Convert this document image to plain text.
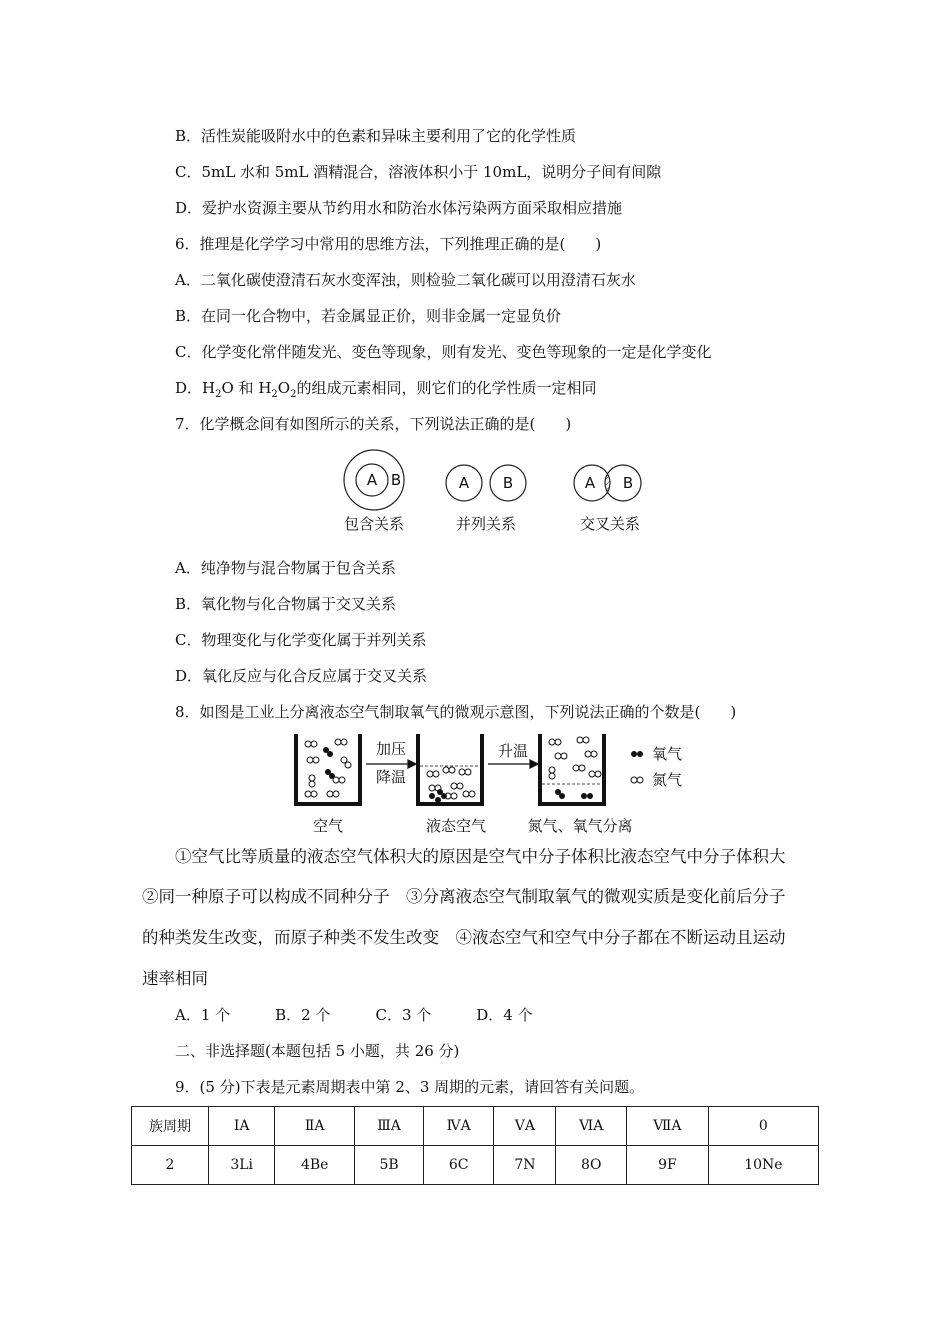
B．活性炭能吸附水中的色素和异味主要利用了它的化学性质
C．5mL 水和 5mL 酒精混合，溶液体积小于 10mL，说明分子间有间隙
D．爱护水资源主要从节约用水和防治水体污染两方面采取相应措施
6．推理是化学学习中常用的思维方法，下列推理正确的是(　　)
A．二氧化碳使澄清石灰水变浑浊，则检验二氧化碳可以用澄清石灰水
B．在同一化合物中，若金属显正价，则非金属一定显负价
C．化学变化常伴随发光、变色等现象，则有发光、变色等现象的一定是化学变化
D．$H_2O$ 和 $H_2O_2$的组成元素相同，则它们的化学性质一定相同
7．化学概念间有如图所示的关系，下列说法正确的是(　　)
A B	A B	A B
包含关系	并列关系	交叉关系
A．纯净物与混合物属于包含关系
B．氧化物与化合物属于交叉关系
C．物理变化与化学变化属于并列关系
D．氧化反应与化合反应属于交叉关系
8．如图是工业上分离液态空气制取氧气的微观示意图，下列说法正确的个数是(　　)
加压
降温
升温	氧气
氮气
空气	液态空气	氮气、氧气分离
①空气比等质量的液态空气体积大的原因是空气中分子体积比液态空气中分子体积大
②同一种原子可以构成不同种分子　③分离液态空气制取氧气的微观实质是变化前后分子
的种类发生改变，而原子种类不发生改变　④液态空气和空气中分子都在不断运动且运动
速率相同
A．1 个　　　B．2 个　　　C．3 个　　　D．4 个
二、非选择题(本题包括 5 小题，共 26 分)
9．(5 分)下表是元素周期表中第 2、3 周期的元素，请回答有关问题。
族周期	ⅠA	ⅡA	ⅢA	ⅣA	ⅤA	ⅥA	ⅦA	0
2	3Li	4Be	5B	6C	7N	8O	9F	10Ne
